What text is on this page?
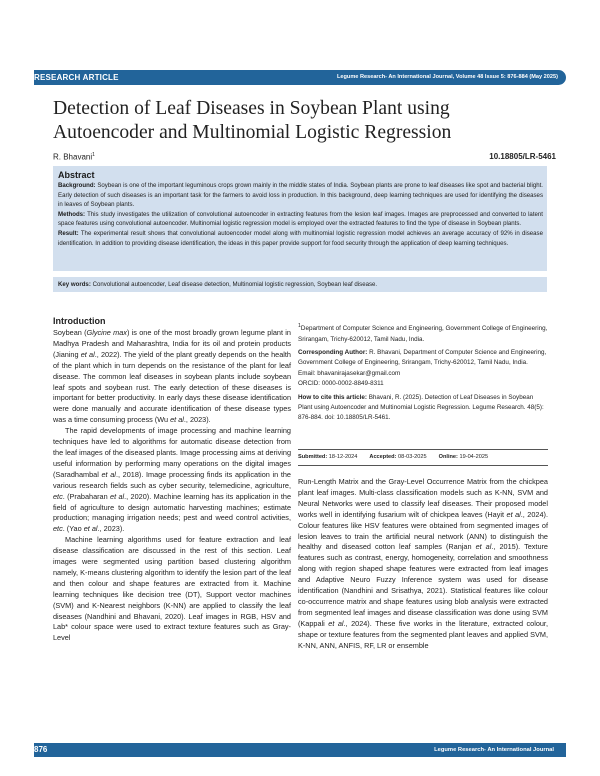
RESEARCH ARTICLE	Legume Research- An International Journal, Volume 48 Issue 5: 876-884 (May 2025)
Detection of Leaf Diseases in Soybean Plant using Autoencoder and Multinomial Logistic Regression
R. Bhavani$^1$	10.18805/LR-5461
Abstract

Background: Soybean is one of the important leguminous crops grown mainly in the middle states of India. Soybean plants are prone to leaf diseases like spot and bacterial blight. Early detection of such diseases is an important task for the farmers to avoid loss in production. In this background, deep learning techniques are used for identifying the diseases in leaves of Soybean plants.

Methods: This study investigates the utilization of convolutional autoencoder in extracting features from the lesion leaf images. Images are preprocessed and converted to latent space features using convolutional autoencoder. Multinomial logistic regression model is employed over the extracted features to find the type of disease in Soybean plants.

Result: The experimental result shows that convolutional autoencoder model along with multinomial logistic regression model achieves an average accuracy of 92% in disease identification. In addition to providing disease identification, the ideas in this paper provide support for food security through the application of deep learning techniques.

Key words: Convolutional autoencoder, Leaf disease detection, Multinomial logistic regression, Soybean leaf disease.
Introduction

Soybean (Glycine max) is one of the most broadly grown legume plant in Madhya Pradesh and Maharashtra, India for its oil and protein products (Jianing et al., 2022). The yield of the plant greatly depends on the health of the plant which in turn depends on the resistance of the plant for leaf disease. The common leaf diseases in soybean plants include soybean leaf spots and soybean rust. The early detection of these diseases is important for better productivity. In early days these disease identification were done manually and accurate identification of these disease types was a time consuming process (Wu et al., 2023).

The rapid developments of image processing and machine learning techniques have led to algorithms for automatic disease detection from the leaf images of the diseased plants. Image processing aims at deriving useful information by performing many operations on the digital images (Saradhambal et al., 2018). Image processing finds its application in the various research fields such as cyber security, telemedicine, agriculture, etc. (Prabaharan et al., 2020). Machine learning has its application in the field of agriculture to design automatic harvesting machines; estimate production; managing irrigation needs; pest and weed control activities, etc. (Yao et al., 2023).

Machine learning algorithms used for feature extraction and leaf disease classification are discussed in the rest of this section. Leaf images were segmented using partition based clustering algorithm namely, K-means clustering algorithm to identify the lesion part of the leaf and then colour and shape features are extracted from it. Machine learning techniques like decision tree (DT), Support vector machines (SVM) and K-Nearest neighbors (K-NN) are applied to classify the leaf diseases (Nandhini and Bhavani, 2020). Leaf images in RGB, HSV and Lab* colour space were used to extract texture features such as Gray-Level

$^1$Department of Computer Science and Engineering, Government College of Engineering, Srirangam, Trichy-620012, Tamil Nadu, India.

Corresponding Author: R. Bhavani, Department of Computer Science and Engineering, Government College of Engineering, Srirangam, Trichy-620012, Tamil Nadu, India.

Email: bhavanirajasekar@gmail.com

ORCID: 0000-0002-8849-8311

How to cite this article: Bhavani, R. (2025). Detection of Leaf Diseases in Soybean Plant using Autoencoder and Multinomial Logistic Regression. Legume Research. 48(5): 876-884. doi: 10.18805/LR-5461.

Submitted: 18-12-2024 Accepted: 08-03-2025 Online: 19-04-2025

Run-Length Matrix and the Gray-Level Occurrence Matrix from the chickpea plant leaf images. Multi-class classification models such as K-NN, SVM and Neural Networks were used to classify leaf diseases. Their proposed model works well in identifying fusarium wilt of chickpea leaves (Hayit et al., 2024). Colour features like HSV features were obtained from segmented images of lesion leaves to train the artificial neural network (ANN) to distinguish the healthy and diseased cotton leaf samples (Ranjan et al., 2015). Texture features such as contrast, energy, homogeneity, correlation and smoothness along with region shaped shape features were extracted from leaf images and Adaptive Neuro Fuzzy Inference system was used for disease identification (Nandhini and Srisathya, 2021). Statistical features like colour co-occurrence matrix and shape features using blob analysis were extracted from segmented leaf images and disease classification was done using SVM (Kappali et al., 2024). These five works in the literature, extracted colour, shape or texture features from the segmented plant leaves and applied SVM, K-NN, ANN, ANFIS, RF, LR or ensemble

876	Legume Research- An International Journal
